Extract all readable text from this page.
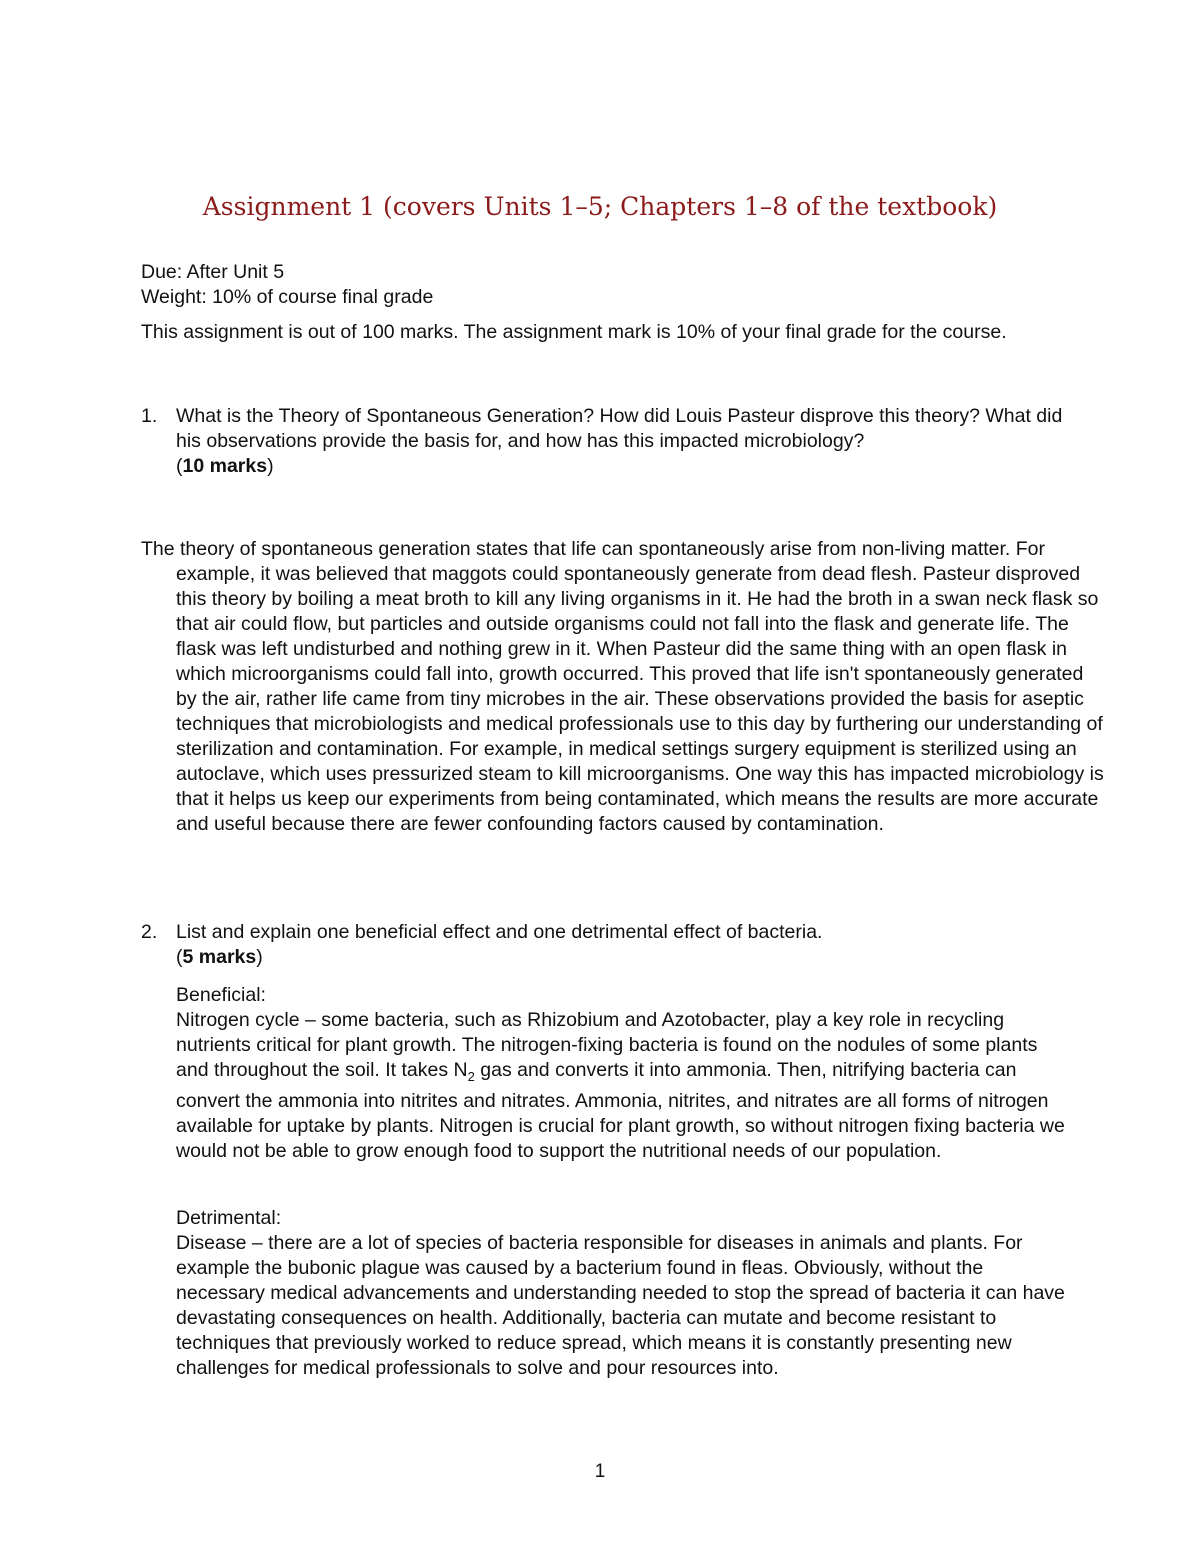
Assignment 1 (covers Units 1–5; Chapters 1–8 of the textbook)
Due: After Unit 5
Weight: 10% of course final grade
This assignment is out of 100 marks. The assignment mark is 10% of your final grade for the course.
1. What is the Theory of Spontaneous Generation? How did Louis Pasteur disprove this theory? What did his observations provide the basis for, and how has this impacted microbiology?
(10 marks)
The theory of spontaneous generation states that life can spontaneously arise from non-living matter. For example, it was believed that maggots could spontaneously generate from dead flesh. Pasteur disproved this theory by boiling a meat broth to kill any living organisms in it. He had the broth in a swan neck flask so that air could flow, but particles and outside organisms could not fall into the flask and generate life. The flask was left undisturbed and nothing grew in it. When Pasteur did the same thing with an open flask in which microorganisms could fall into, growth occurred. This proved that life isn't spontaneously generated by the air, rather life came from tiny microbes in the air. These observations provided the basis for aseptic techniques that microbiologists and medical professionals use to this day by furthering our understanding of sterilization and contamination. For example, in medical settings surgery equipment is sterilized using an autoclave, which uses pressurized steam to kill microorganisms. One way this has impacted microbiology is that it helps us keep our experiments from being contaminated, which means the results are more accurate and useful because there are fewer confounding factors caused by contamination.
2. List and explain one beneficial effect and one detrimental effect of bacteria.
(5 marks)
Beneficial:
Nitrogen cycle – some bacteria, such as Rhizobium and Azotobacter, play a key role in recycling nutrients critical for plant growth. The nitrogen-fixing bacteria is found on the nodules of some plants and throughout the soil. It takes $N_2$ gas and converts it into ammonia. Then, nitrifying bacteria can convert the ammonia into nitrites and nitrates. Ammonia, nitrites, and nitrates are all forms of nitrogen available for uptake by plants. Nitrogen is crucial for plant growth, so without nitrogen fixing bacteria we would not be able to grow enough food to support the nutritional needs of our population.
Detrimental:
Disease – there are a lot of species of bacteria responsible for diseases in animals and plants. For example the bubonic plague was caused by a bacterium found in fleas. Obviously, without the necessary medical advancements and understanding needed to stop the spread of bacteria it can have devastating consequences on health. Additionally, bacteria can mutate and become resistant to techniques that previously worked to reduce spread, which means it is constantly presenting new challenges for medical professionals to solve and pour resources into.
1
